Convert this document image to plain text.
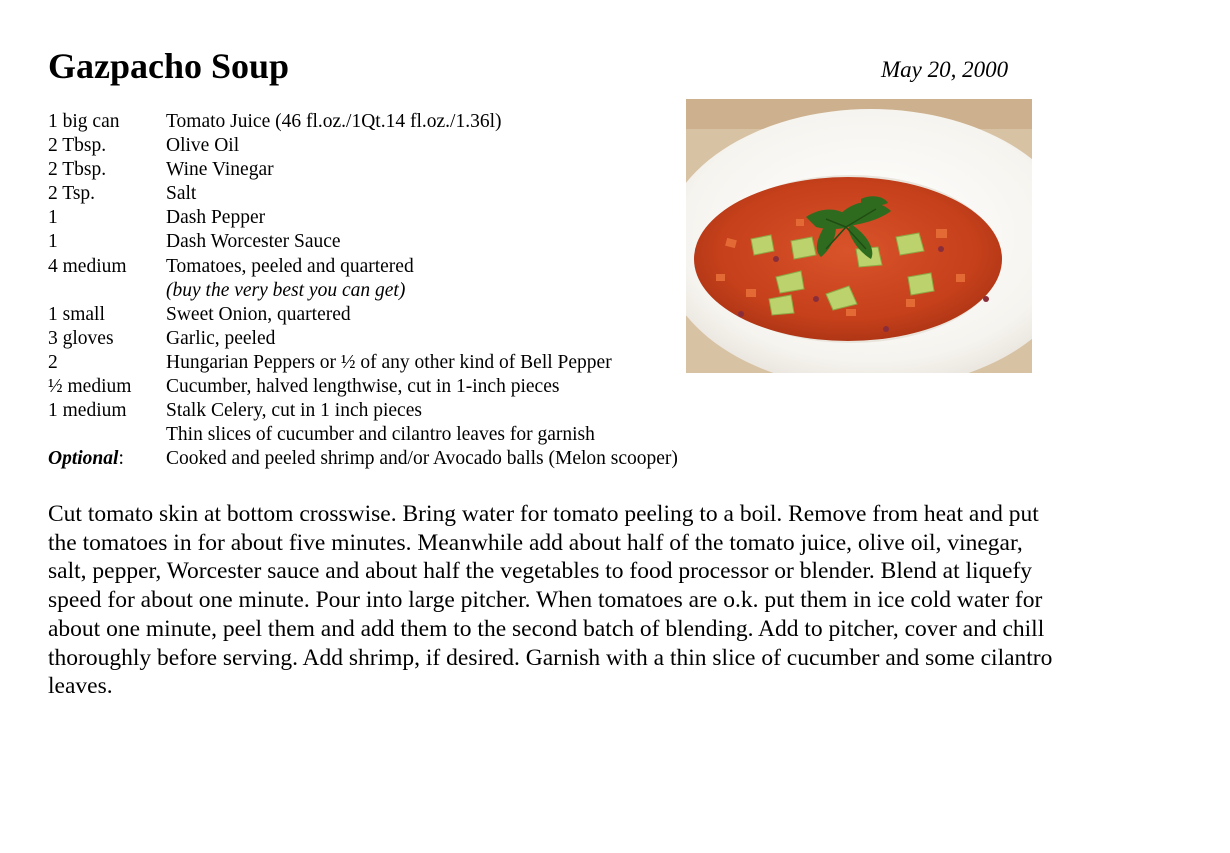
Gazpacho Soup	May 20, 2000
1 big can Tomato Juice (46 fl.oz./1Qt.14 fl.oz./1.36l)
2 Tbsp.	Olive Oil
2 Tbsp.	Wine Vinegar
2 Tsp.	Salt
1	Dash Pepper
1	Dash Worcester Sauce
4 medium Tomatoes, peeled and quartered
(buy the very best you can get)
1 small	Sweet Onion, quartered
3 gloves	Garlic, peeled
2	Hungarian Peppers or ½ of any other kind of Bell Pepper
½ medium Cucumber, halved lengthwise, cut in 1-inch pieces
1 medium Stalk Celery, cut in 1 inch pieces
Thin slices of cucumber and cilantro leaves for garnish
Optional: Cooked and peeled shrimp and/or Avocado balls (Melon scooper)

Cut tomato skin at bottom crosswise. Bring water for tomato peeling to a boil. Remove from heat and put the tomatoes in for about five minutes. Meanwhile add about half of the tomato juice, olive oil, vinegar, salt, pepper, Worcester sauce and about half the vegetables to food processor or blender. Blend at liquefy speed for about one minute. Pour into large pitcher. When tomatoes are o.k. put them in ice cold water for about one minute, peel them and add them to the second batch of blending. Add to pitcher, cover and chill thoroughly before serving. Add shrimp, if desired. Garnish with a thin slice of cucumber and some cilantro leaves.
